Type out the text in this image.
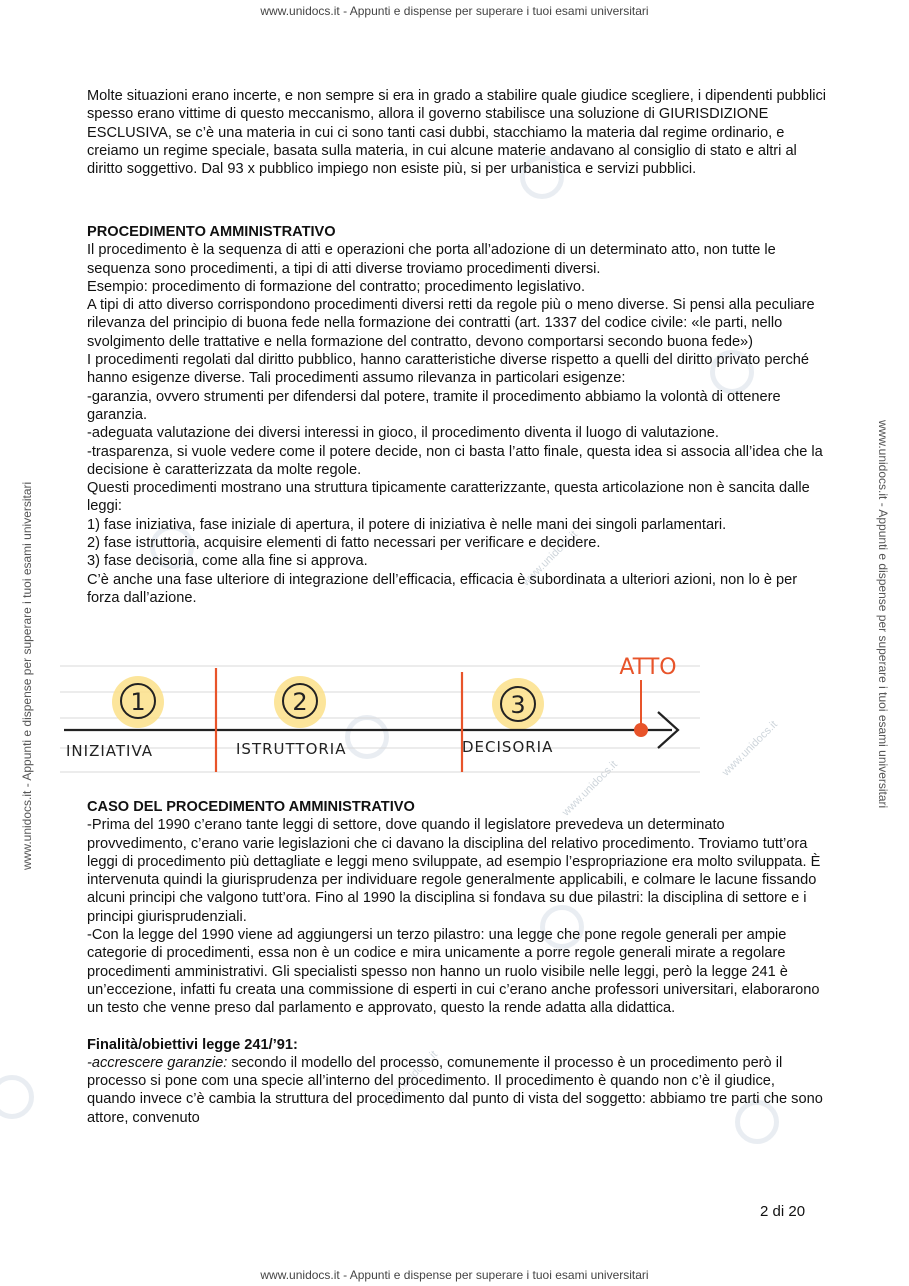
www.unidocs.it - Appunti e dispense per superare i tuoi esami universitari
www.unidocs.it - Appunti e dispense per superare i tuoi esami universitari
www.unidocs.it - Appunti e dispense per superare i tuoi esami universitari	www.unidocs.it - Appunti e dispense per superare i tuoi esami universitari
www.unidocs.it
www.unidocs.it
www.unidocs.it
www.unidocs.it

Molte situazioni erano incerte, e non sempre si era in grado a stabilire quale giudice scegliere, i dipendenti pubblici spesso erano vittime di questo meccanismo, allora il governo stabilisce una soluzione di GIURISDIZIONE ESCLUSIVA, se c’è una materia in cui ci sono tanti casi dubbi, stacchiamo la materia dal regime ordinario, e creiamo un regime speciale, basata sulla materia, in cui alcune materie andavano al consiglio di stato e altri al diritto soggettivo. Dal 93 x pubblico impiego non esiste più, si per urbanistica e servizi pubblici.

PROCEDIMENTO AMMINISTRATIVO

Il procedimento è la sequenza di atti e operazioni che porta all’adozione di un determinato atto, non tutte le sequenza sono procedimenti, a tipi di atti diverse troviamo procedimenti diversi.

Esempio: procedimento di formazione del contratto; procedimento legislativo.

A tipi di atto diverso corrispondono procedimenti diversi retti da regole più o meno diverse. Si pensi alla peculiare rilevanza del principio di buona fede nella formazione dei contratti (art. 1337 del codice civile: «le parti, nello svolgimento delle trattative e nella formazione del contratto, devono comportarsi secondo buona fede»)

I procedimenti regolati dal diritto pubblico, hanno caratteristiche diverse rispetto a quelli del diritto privato perché hanno esigenze diverse. Tali procedimenti assumo rilevanza in particolari esigenze:

-garanzia, ovvero strumenti per difendersi dal potere, tramite il procedimento abbiamo la volontà di ottenere garanzia.

-adeguata valutazione dei diversi interessi in gioco, il procedimento diventa il luogo di valutazione.

-trasparenza, si vuole vedere come il potere decide, non ci basta l’atto finale, questa idea si associa all’idea che la decisione è caratterizzata da molte regole.

Questi procedimenti mostrano una struttura tipicamente caratterizzante, questa articolazione non è sancita dalle leggi:

1) fase iniziativa, fase iniziale di apertura, il potere di iniziativa è nelle mani dei singoli parlamentari.

2) fase istruttoria, acquisire elementi di fatto necessari per verificare e decidere.

3) fase decisoria, come alla fine si approva.

C’è anche una fase ulteriore di integrazione dell’efficacia, efficacia è subordinata a ulteriori azioni, non lo è per forza dall’azione.

1	2	3
ATTO
INIZIATIVA	ISTRUTTORIA	DECISORIA

CASO DEL PROCEDIMENTO AMMINISTRATIVO

-Prima del 1990 c’erano tante leggi di settore, dove quando il legislatore prevedeva un determinato provvedimento, c’erano varie legislazioni che ci davano la disciplina del relativo procedimento. Troviamo tutt’ora leggi di procedimento più dettagliate e leggi meno sviluppate, ad esempio l’espropriazione era molto sviluppata. È intervenuta quindi la giurisprudenza per individuare regole generalmente applicabili, e colmare le lacune fissando alcuni principi che valgono tutt’ora. Fino al 1990 la disciplina si fondava su due pilastri: la disciplina di settore e i principi giurisprudenziali.

-Con la legge del 1990 viene ad aggiungersi un terzo pilastro: una legge che pone regole generali per ampie categorie di procedimenti, essa non è un codice e mira unicamente a porre regole generali mirate a regolare procedimenti amministrativi. Gli specialisti spesso non hanno un ruolo visibile nelle leggi, però la legge 241 è un’eccezione, infatti fu creata una commissione di esperti in cui c’erano anche professori universitari, elaborarono un testo che venne preso dal parlamento e approvato, questo la rende adatta alla didattica.

Finalità/obiettivi legge 241/’91:

-accrescere garanzie: secondo il modello del processo, comunemente il processo è un procedimento però il processo si pone com una specie all’interno del procedimento. Il procedimento è quando non c’è il giudice, quando invece c’è cambia la struttura del procedimento dal punto di vista del soggetto: abbiamo tre parti che sono attore, convenuto

2 di 20
